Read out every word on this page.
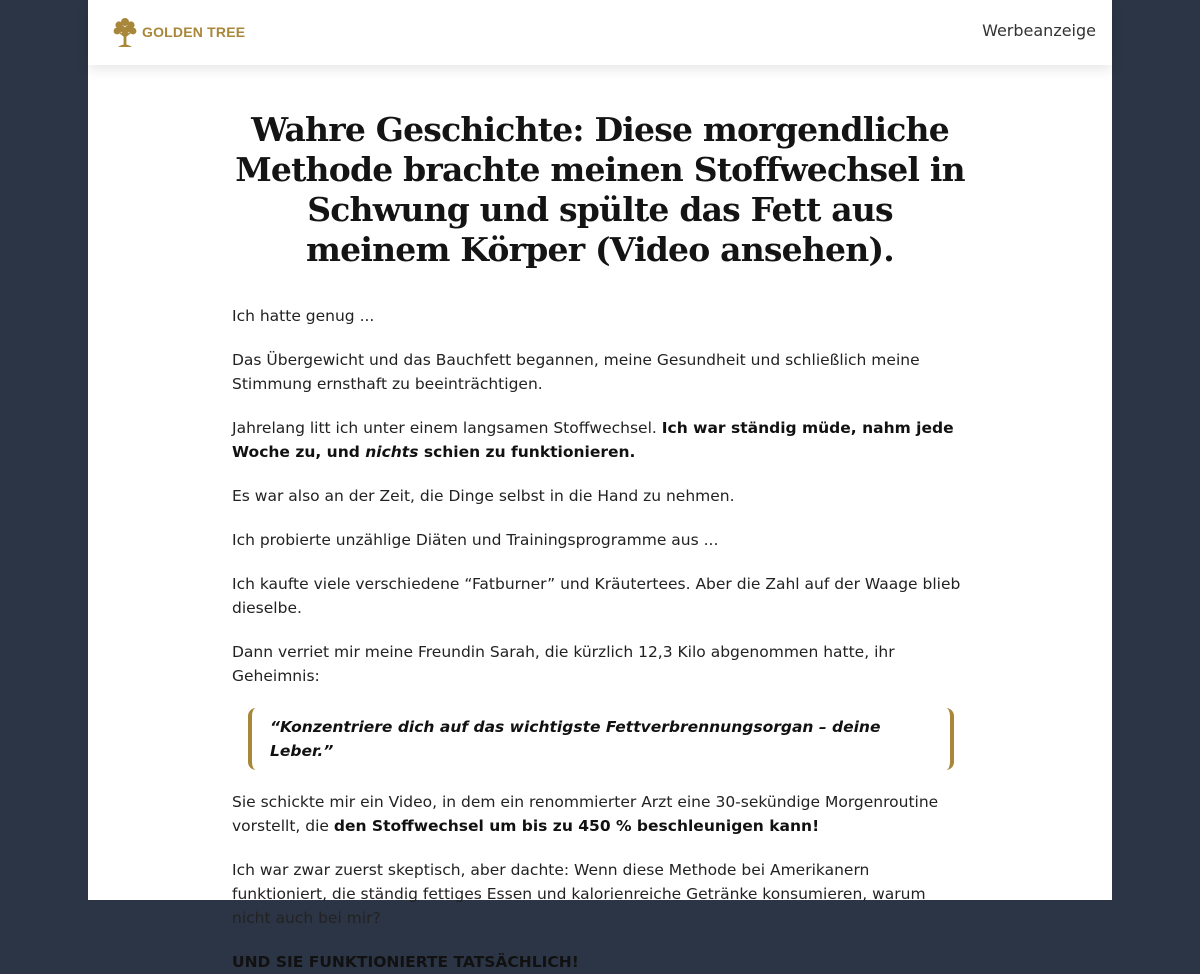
GOLDEN TREE	Werbeanzeige
Wahre Geschichte: Diese morgendliche Methode brachte meinen Stoffwechsel in Schwung und spülte das Fett aus meinem Körper (Video ansehen).

Ich hatte genug ...

Das Übergewicht und das Bauchfett begannen, meine Gesundheit und schließlich meine Stimmung ernsthaft zu beeinträchtigen.

Jahrelang litt ich unter einem langsamen Stoffwechsel. Ich war ständig müde, nahm jede Woche zu, und nichts schien zu funktionieren.

Es war also an der Zeit, die Dinge selbst in die Hand zu nehmen.

Ich probierte unzählige Diäten und Trainingsprogramme aus ...

Ich kaufte viele verschiedene “Fatburner” und Kräutertees. Aber die Zahl auf der Waage blieb dieselbe.

Dann verriet mir meine Freundin Sarah, die kürzlich 12,3 Kilo abgenommen hatte, ihr Geheimnis:

“Konzentriere dich auf das wichtigste Fettverbrennungsorgan – deine Leber.”

Sie schickte mir ein Video, in dem ein renommierter Arzt eine 30-sekündige Morgenroutine vorstellt, die den Stoffwechsel um bis zu 450 % beschleunigen kann!

Ich war zwar zuerst skeptisch, aber dachte: Wenn diese Methode bei Amerikanern funktioniert, die ständig fettiges Essen und kalorienreiche Getränke konsumieren, warum nicht auch bei mir?

UND SIE FUNKTIONIERTE TATSÄCHLICH!
